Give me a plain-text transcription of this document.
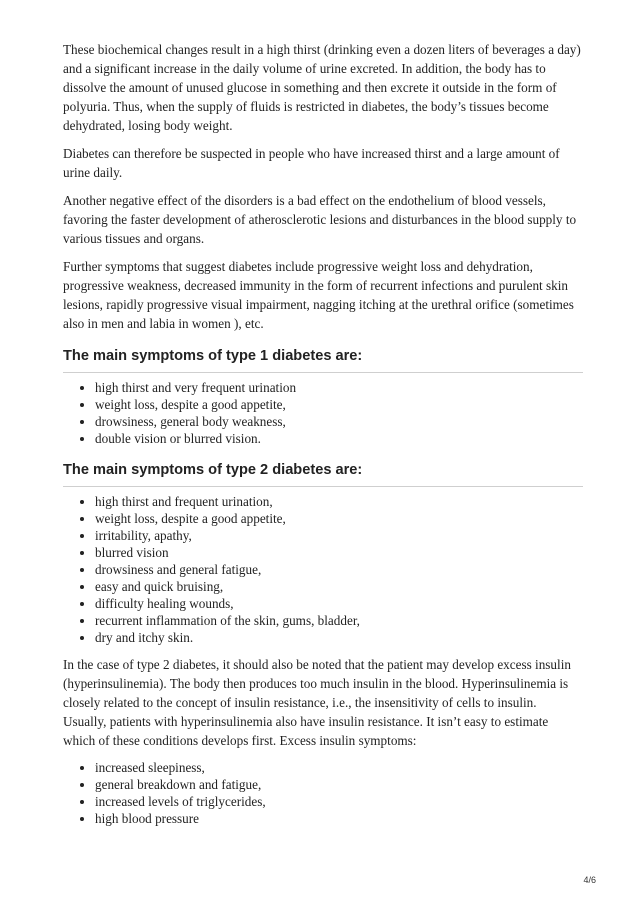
These biochemical changes result in a high thirst (drinking even a dozen liters of beverages a day) and a significant increase in the daily volume of urine excreted. In addition, the body has to dissolve the amount of unused glucose in something and then excrete it outside in the form of polyuria. Thus, when the supply of fluids is restricted in diabetes, the body’s tissues become dehydrated, losing body weight.

Diabetes can therefore be suspected in people who have increased thirst and a large amount of urine daily.

Another negative effect of the disorders is a bad effect on the endothelium of blood vessels, favoring the faster development of atherosclerotic lesions and disturbances in the blood supply to various tissues and organs.

Further symptoms that suggest diabetes include progressive weight loss and dehydration, progressive weakness, decreased immunity in the form of recurrent infections and purulent skin lesions, rapidly progressive visual impairment, nagging itching at the urethral orifice (sometimes also in men and labia in women ), etc.

The main symptoms of type 1 diabetes are:
• high thirst and very frequent urination
• weight loss, despite a good appetite,
• drowsiness, general body weakness,
• double vision or blurred vision.
The main symptoms of type 2 diabetes are:
• high thirst and frequent urination,
• weight loss, despite a good appetite,
• irritability, apathy,
• blurred vision
• drowsiness and general fatigue,
• easy and quick bruising,
• difficulty healing wounds,
• recurrent inflammation of the skin, gums, bladder,
• dry and itchy skin.

In the case of type 2 diabetes, it should also be noted that the patient may develop excess insulin (hyperinsulinemia). The body then produces too much insulin in the blood. Hyperinsulinemia is closely related to the concept of insulin resistance, i.e., the insensitivity of cells to insulin. Usually, patients with hyperinsulinemia also have insulin resistance. It isn’t easy to estimate which of these conditions develops first. Excess insulin symptoms:

• increased sleepiness,
• general breakdown and fatigue,
• increased levels of triglycerides,
• high blood pressure
4/6
